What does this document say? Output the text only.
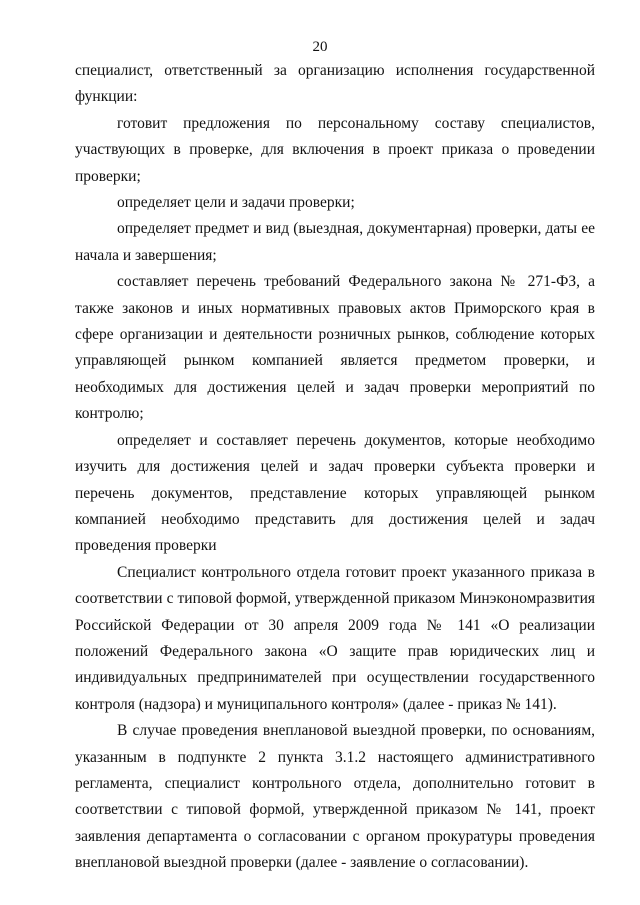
20

специалист, ответственный за организацию исполнения государственной функции:

готовит предложения по персональному составу специалистов, участвующих в проверке, для включения в проект приказа о проведении проверки;

определяет цели и задачи проверки;

определяет предмет и вид (выездная, документарная) проверки, даты ее начала и завершения;

составляет перечень требований Федерального закона № 271-ФЗ, а также законов и иных нормативных правовых актов Приморского края в сфере организации и деятельности розничных рынков, соблюдение которых управляющей рынком компанией является предметом проверки, и необходимых для достижения целей и задач проверки мероприятий по контролю;

определяет и составляет перечень документов, которые необходимо изучить для достижения целей и задач проверки субъекта проверки и перечень документов, представление которых управляющей рынком компанией необходимо представить для достижения целей и задач проведения проверки

Специалист контрольного отдела готовит проект указанного приказа в соответствии с типовой формой, утвержденной приказом Минэкономразвития Российской Федерации от 30 апреля 2009 года № 141 «О реализации положений Федерального закона «О защите прав юридических лиц и индивидуальных предпринимателей при осуществлении государственного контроля (надзора) и муниципального контроля» (далее - приказ № 141).

В случае проведения внеплановой выездной проверки, по основаниям, указанным в подпункте 2 пункта 3.1.2 настоящего административного регламента, специалист контрольного отдела, дополнительно готовит в соответствии с типовой формой, утвержденной приказом № 141, проект заявления департамента о согласовании с органом прокуратуры проведения внеплановой выездной проверки (далее - заявление о согласовании).
